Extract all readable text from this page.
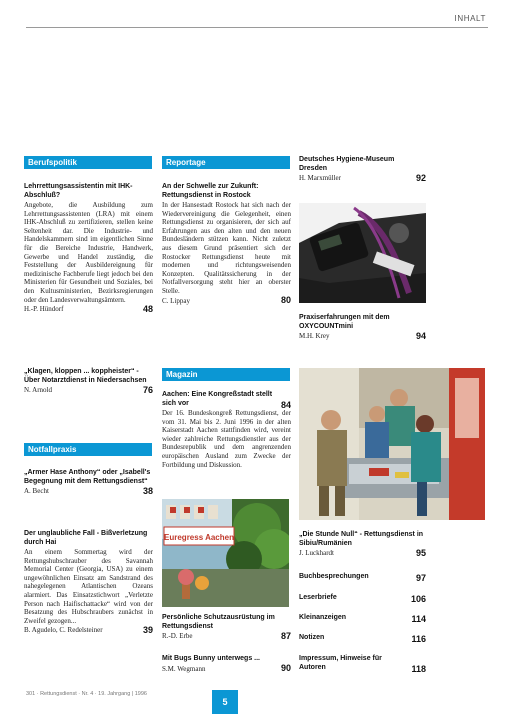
INHALT
Berufspolitik	Reportage
Magazin
Notfallpraxis
Lehrrettungsassistentin mit IHK-Abschluß?
Angebote, die Ausbildung zum Lehrrettungsassistenten (LRA) mit einem IHK-Abschluß zu zertifizieren, stellen keine Seltenheit dar. Die Industrie- und Handelskammern sind im eigentlichen Sinne für die Bereiche Industrie, Handwerk, Gewerbe und Handel zuständig, die Feststellung der Ausbildereignung für medizinische Fachberufe liegt jedoch bei den Ministerien für Gesundheit und Soziales, bei den Kultusministerien, Bezirksregierungen oder den Landesverwaltungsämtern.
H.-P. Hündorf	48
„Klagen, kloppen ... koppheister“ - Über Notarztdienst in Niedersachsen
N. Arnold	76
„Armer Hase Anthony“ oder „Isabell's Begegnung mit dem Rettungsdienst“
A. Becht	38
Der unglaubliche Fall - Bißverletzung durch Hai
An einem Sommertag wird der Rettungshubschrauber des Savannah Memorial Center (Georgia, USA) zu einem ungewöhnlichen Einsatz am Sandstrand des nahegelegenen Atlantischen Ozeans alarmiert. Das Einsatzstichwort „Verletzte Person nach Haifischattacke“ wird von der Besatzung des Hubschraubers zunächst in Zweifel gezogen...
B. Agudelo, C. Redelsteiner	39
An der Schwelle zur Zukunft: Rettungsdienst in Rostock
In der Hansestadt Rostock hat sich nach der Wiedervereinigung die Gelegenheit, einen Rettungsdienst zu organisieren, der sich auf Erfahrungen aus den alten und den neuen Bundesländern stützen kann. Nicht zuletzt aus diesem Grund präsentiert sich der Rostocker Rettungsdienst heute mit modernen und richtungsweisenden Konzepten. Qualitätssicherung in der Notfallversorgung steht hier an oberster Stelle.
C. Lippay	80
Aachen: Eine Kongreßstadt stellt sich vor	84
Der 16. Bundeskongreß Rettungsdienst, der vom 31. Mai bis 2. Juni 1996 in der alten Kaiserstadt Aachen stattfinden wird, vereint wieder zahlreiche Rettungsdienstler aus der Bundesrepublik und dem angrenzenden europäischen Ausland zum Zwecke der Fortbildung und Diskussion.
Euregress Aachen
Persönliche Schutzausrüstung im Rettungsdienst
R.-D. Erbe	87
Mit Bugs Bunny unterwegs ...
S.M. Wegmann	90
Deutsches Hygiene-Museum Dresden
H. Marxmüller	92
Praxiserfahrungen mit dem OXYCOUNTmini
M.H. Krey	94
„Die Stunde Null“ - Rettungsdienst in Sibiu/Rumänien
J. Luckhardt	95
Buchbesprechungen	97
Leserbriefe	106
Kleinanzeigen	114
Notizen	116
Impressum, Hinweise für Autoren	118
301 · Rettungsdienst · Nr. 4 · 19. Jahrgang | 1996
5
